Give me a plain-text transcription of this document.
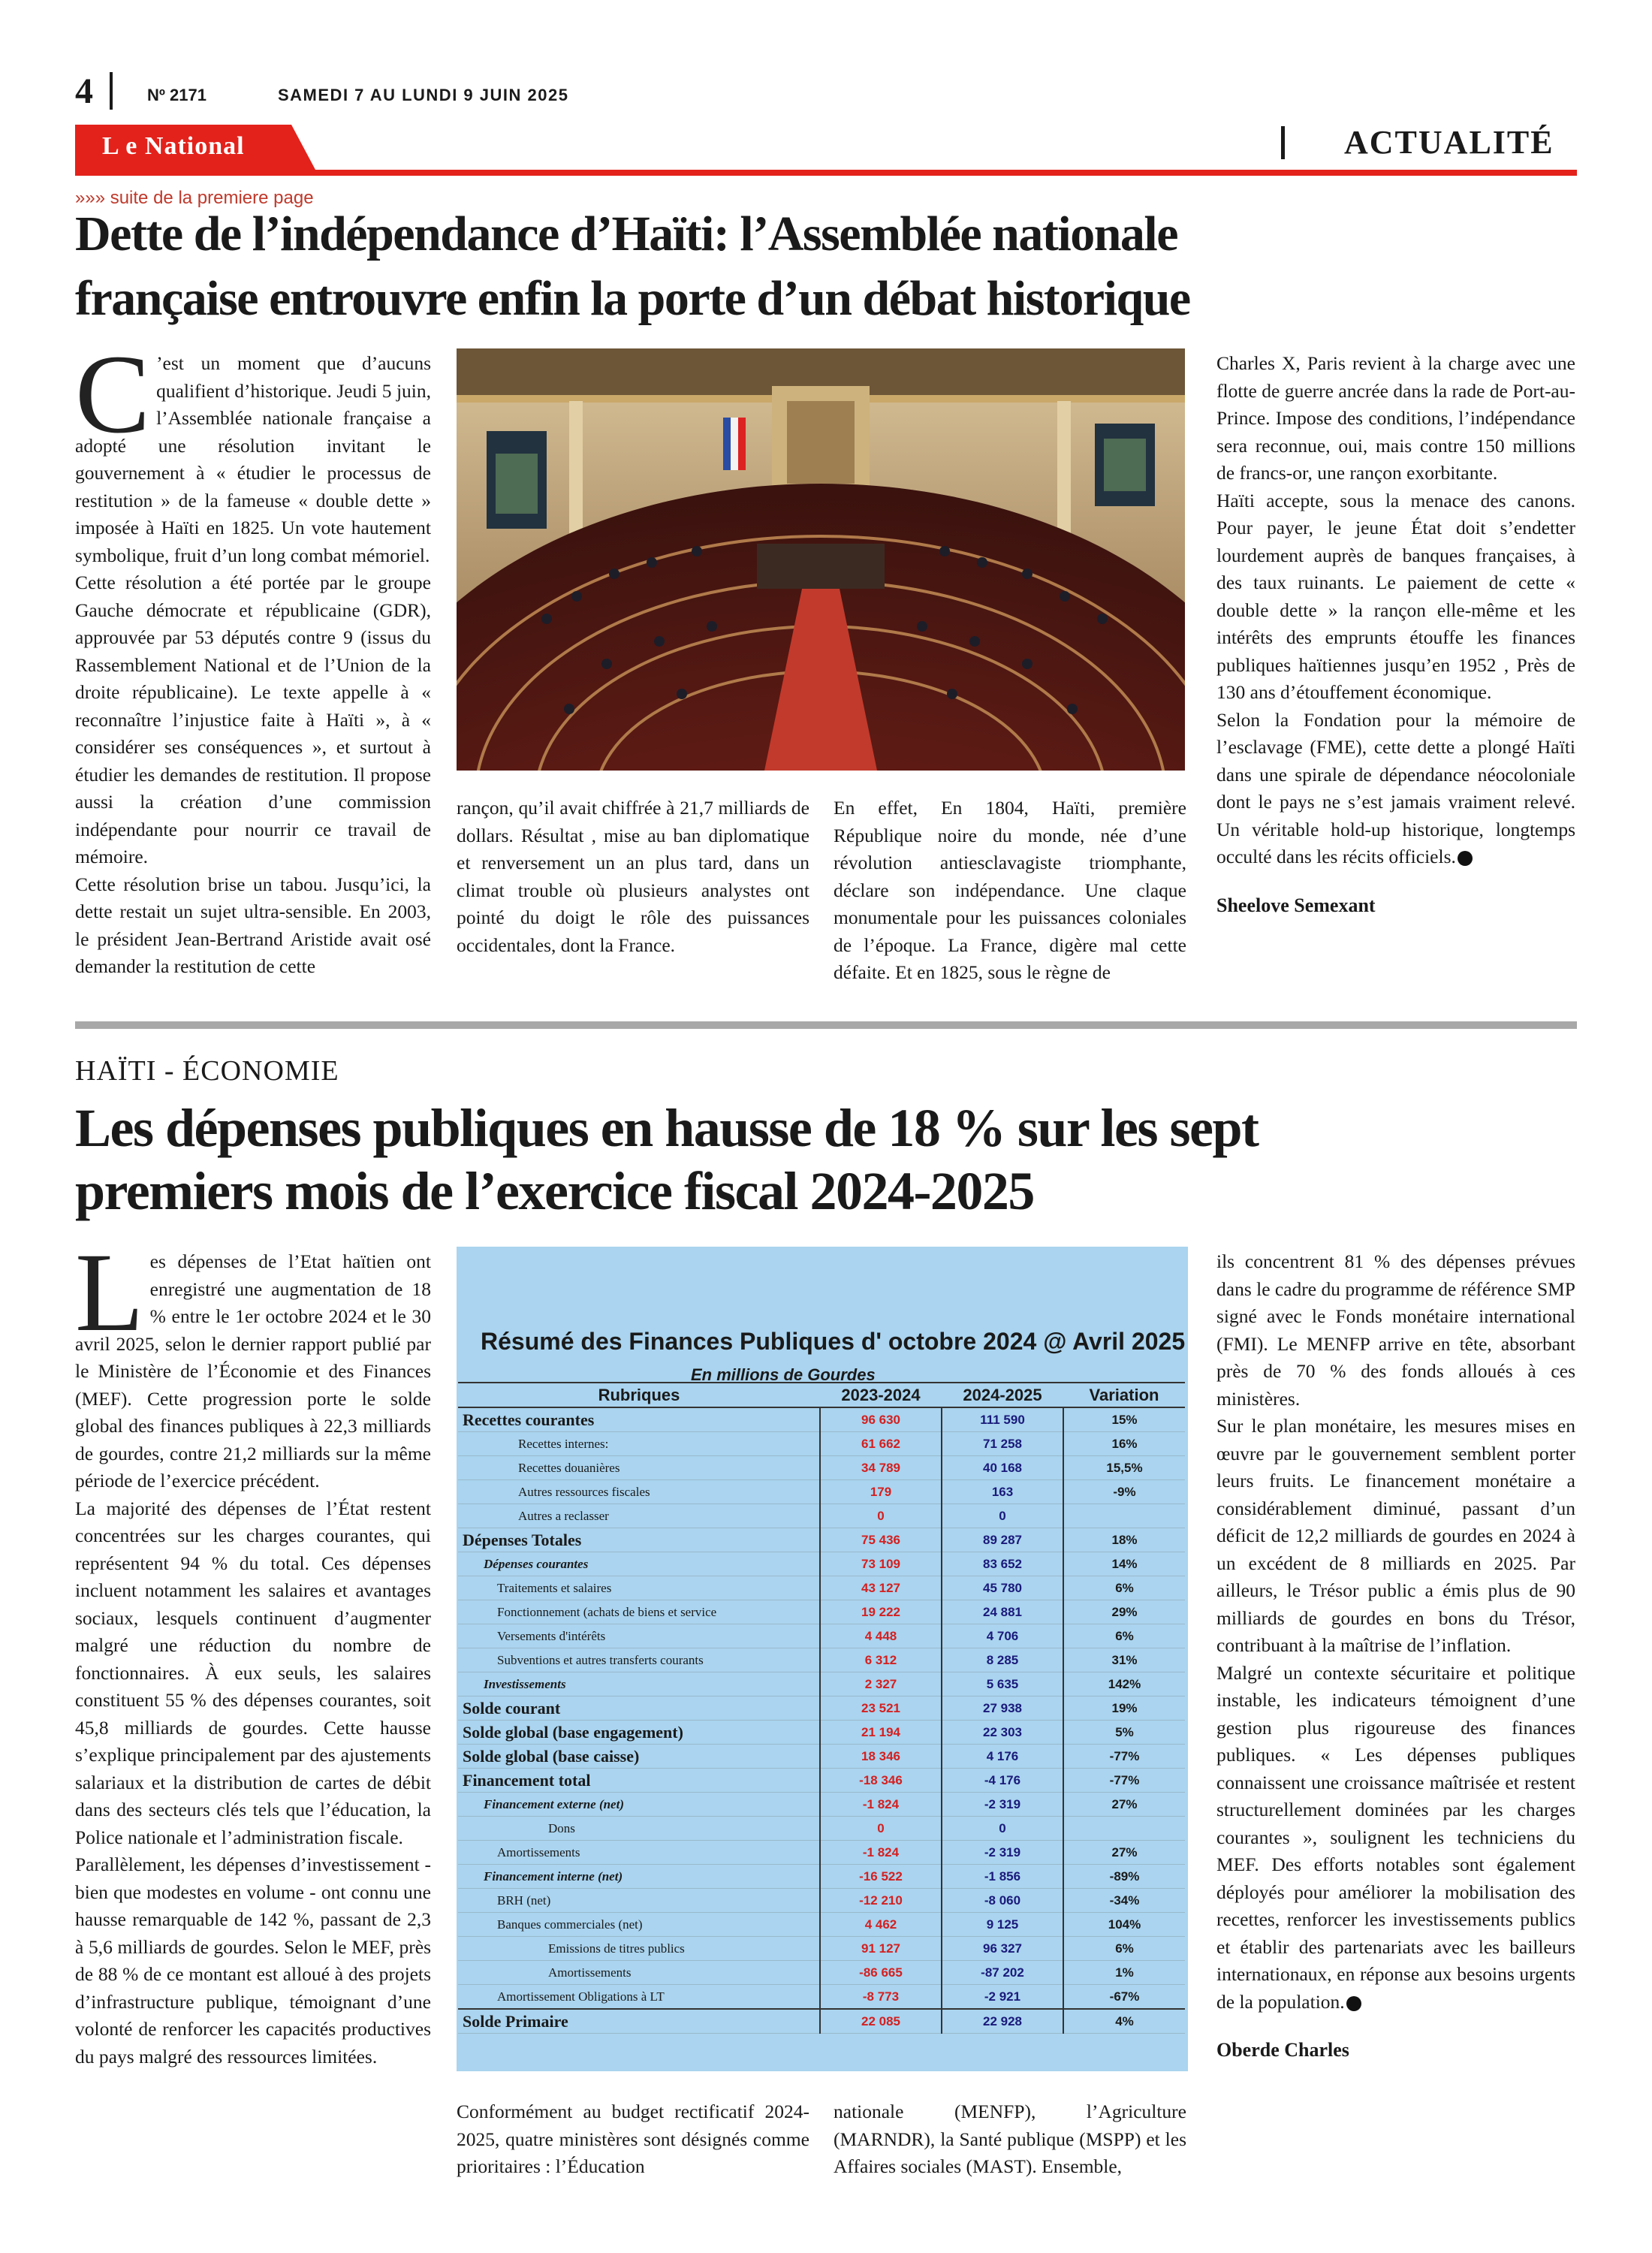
4	Nº 2171	SAMEDI 7 AU LUNDI 9 JUIN 2025
L e National	ACTUALITÉ
»»» suite de la premiere page
Dette de l’indépendance d’Haïti: l’Assemblée nationale
française entrouvre enfin la porte d’un débat historique

C ’est un moment que d’aucuns qualifient d’historique. Jeudi 5 juin, l’Assemblée nationale française a adopté une résolution invitant le gouvernement à « étudier le processus de restitution » de la fameuse « double dette » imposée à Haïti en 1825. Un vote hautement symbolique, fruit d’un long combat mémoriel.

Cette résolution a été portée par le groupe Gauche démocrate et républicaine (GDR), approuvée par 53 députés contre 9 (issus du Rassemblement National et de l’Union de la droite républicaine). Le texte appelle à « reconnaître l’injustice faite à Haïti », à « considérer ses conséquences », et surtout à étudier les demandes de restitution. Il propose aussi la création d’une commission indépendante pour nourrir ce travail de mémoire.

Cette résolution brise un tabou. Jusqu’ici, la dette restait un sujet ultra-sensible. En 2003, le président Jean-Bertrand Aristide avait osé demander la restitution de cette

rançon, qu’il avait chiffrée à 21,7 milliards de dollars. Résultat , mise au ban diplomatique et renversement un an plus tard, dans un climat trouble où plusieurs analystes ont pointé du doigt le rôle des puissances occidentales, dont la France.

En effet, En 1804, Haïti, première République noire du monde, née d’une révolution antiesclavagiste triomphante, déclare son indépendance. Une claque monumentale pour les puissances coloniales de l’époque. La France, digère mal cette défaite. Et en 1825, sous le règne de

Charles X, Paris revient à la charge avec une flotte de guerre ancrée dans la rade de Port-au-Prince. Impose des conditions, l’indépendance sera reconnue, oui, mais contre 150 millions de francs-or, une rançon exorbitante.

Haïti accepte, sous la menace des canons. Pour payer, le jeune État doit s’endetter lourdement auprès de banques françaises, à des taux ruinants. Le paiement de cette « double dette » la rançon elle-même et les intérêts des emprunts étouffe les finances publiques haïtiennes jusqu’en 1952 , Près de 130 ans d’étouffement économique.

Selon la Fondation pour la mémoire de l’esclavage (FME), cette dette a plongé Haïti dans une spirale de dépendance néocoloniale dont le pays ne s’est jamais vraiment relevé. Un véritable hold-up historique, longtemps occulté dans les récits officiels.

Sheelove Semexant

HAÏTI - ÉCONOMIE
Les dépenses publiques en hausse de 18 % sur les sept
premiers mois de l’exercice fiscal 2024-2025

Les dépenses de l’Etat haïtien ont enregistré une augmentation de 18 % entre le 1er octobre 2024 et le 30 avril 2025, selon le dernier rapport publié par le Ministère de l’Économie et des Finances (MEF). Cette progression porte le solde global des finances publiques à 22,3 milliards de gourdes, contre 21,2 milliards sur la même période de l’exercice précédent.

La majorité des dépenses de l’État restent concentrées sur les charges courantes, qui représentent 94 % du total. Ces dépenses incluent notamment les salaires et avantages sociaux, lesquels continuent d’augmenter malgré une réduction du nombre de fonctionnaires. À eux seuls, les salaires constituent 55 % des dépenses courantes, soit 45,8 milliards de gourdes. Cette hausse s’explique principalement par des ajustements salariaux et la distribution de cartes de débit dans des secteurs clés tels que l’éducation, la Police nationale et l’administration fiscale.

Parallèlement, les dépenses d’investissement - bien que modestes en volume - ont connu une hausse remarquable de 142 %, passant de 2,3 à 5,6 milliards de gourdes. Selon le MEF, près de 88 % de ce montant est alloué à des projets d’infrastructure publique, témoignant d’une volonté de renforcer les capacités productives du pays malgré des ressources limitées.

Résumé des Finances Publiques d' octobre 2024 @ Avril 2025
En millions de Gourdes
Rubriques	2023-2024	2024-2025	Variation
Recettes courantes	96 630	111 590	15%
Recettes internes:	61 662	71 258	16%
Recettes douanières	34 789	40 168	15,5%
Autres ressources fiscales	179	163	-9%
Autres a reclasser	0	0	
Dépenses Totales	75 436	89 287	18%
Dépenses courantes	73 109	83 652	14%
Traitements et salaires	43 127	45 780	6%
Fonctionnement (achats de biens et service	19 222	24 881	29%
Versements d'intérêts	4 448	4 706	6%
Subventions et autres transferts courants	6 312	8 285	31%
Investissements	2 327	5 635	142%
Solde courant	23 521	27 938	19%
Solde global (base engagement)	21 194	22 303	5%
Solde global (base caisse)	18 346	4 176	-77%
Financement total	-18 346	-4 176	-77%
Financement externe (net)	-1 824	-2 319	27%
Dons	0	0	
Amortissements	-1 824	-2 319	27%
Financement interne (net)	-16 522	-1 856	-89%
BRH (net)	-12 210	-8 060	-34%
Banques commerciales (net)	4 462	9 125	104%
Emissions de titres publics	91 127	96 327	6%
Amortissements	-86 665	-87 202	1%
Amortissement Obligations à LT	-8 773	-2 921	-67%
Solde Primaire	22 085	22 928	4%

Conformément au budget rectificatif 2024-2025, quatre ministères sont désignés comme prioritaires : l’Éducation

nationale (MENFP), l’Agriculture (MARNDR), la Santé publique (MSPP) et les Affaires sociales (MAST). Ensemble,

ils concentrent 81 % des dépenses prévues dans le cadre du programme de référence SMP signé avec le Fonds monétaire international (FMI). Le MENFP arrive en tête, absorbant près de 70 % des fonds alloués à ces ministères.

Sur le plan monétaire, les mesures mises en œuvre par le gouvernement semblent porter leurs fruits. Le financement monétaire a considérablement diminué, passant d’un déficit de 12,2 milliards de gourdes en 2024 à un excédent de 8 milliards en 2025. Par ailleurs, le Trésor public a émis plus de 90 milliards de gourdes en bons du Trésor, contribuant à la maîtrise de l’inflation.

Malgré un contexte sécuritaire et politique instable, les indicateurs témoignent d’une gestion plus rigoureuse des finances publiques. « Les dépenses publiques connaissent une croissance maîtrisée et restent structurellement dominées par les charges courantes », soulignent les techniciens du MEF. Des efforts notables sont également déployés pour améliorer la mobilisation des recettes, renforcer les investissements publics et établir des partenariats avec les bailleurs internationaux, en réponse aux besoins urgents de la population.

Oberde Charles
